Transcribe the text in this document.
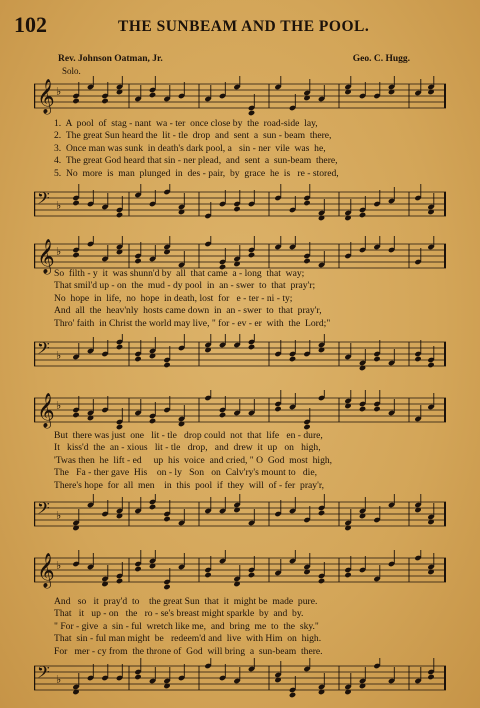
102	THE SUNBEAM AND THE POOL.
Rev. Johnson Oatman, Jr.	Geo. C. Hugg.
Solo.
𝄞 ♭
1.  A  pool  of  stag - nant  wa - ter  once close by  the  road-side  lay,
2.  The great Sun heard the  lit - tle  drop  and  sent  a  sun - beam  there,
3.  Once man was sunk  in death's dark pool, a   sin - ner  vile  was  he,
4.  The great God heard that sin - ner plead,  and  sent  a  sun-beam  there,
5.  No  more  is  man  plunged  in  des - pair,  by  grace  he  is   re - stored,
𝄢 ♭
𝄞 ♭
So  filth - y  it  was shunn'd by  all  that came  a - long  that  way;
That smil'd up - on  the  mud - dy pool  in  an - swer  to  that  pray'r;
No  hope  in  life,  no  hope  in death, lost  for   e - ter - ni - ty;
And  all  the  heav'nly  hosts came down  in  an - swer  to  that  pray'r,
Thro' faith  in Christ the world may live, " for - ev - er  with  the  Lord;"
𝄢 ♭
𝄞 ♭
But  there was just  one   lit - tle   drop could  not  that  life   en - dure,
It   kiss'd  the  an - xious   lit - tle   drop,   and  drew  it  up   on   high,
'Twas then  he  lift - ed     up  his  voice  and cried, " O  God  most  high,
The   Fa - ther gave  His    on - ly   Son   on  Calv'ry's mount to   die,
There's hope  for  all  men    in  this  pool  if  they  will  of - fer  pray'r,
𝄢 ♭
𝄞 ♭
And   so   it  pray'd  to    the great Sun  that  it  might be  made  pure.
That   it   up - on   the   ro - se's breast might sparkle  by  and  by.
" For - give  a  sin - ful  wretch like me,  and  bring  me  to  the  sky."
That  sin - ful man might  be   redeem'd and  live  with Him  on  high.
For   mer - cy from  the throne of  God  will bring  a  sun-beam  there.
𝄢 ♭
